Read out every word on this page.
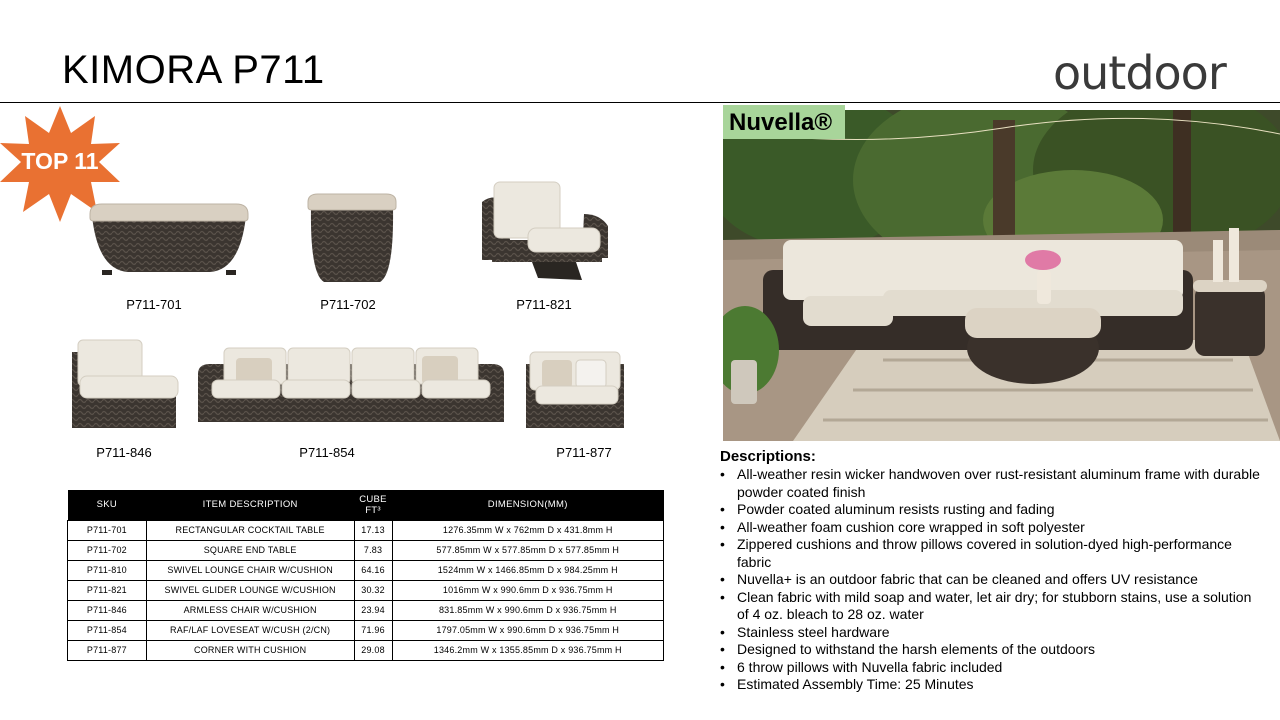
KIMORA P711	outdoor
TOP 11
P711-701	P711-702	P711-821
P711-846	P711-854	P711-877
SKU	ITEM DESCRIPTION	CUBE FT³	DIMENSION(MM)
P711-701	RECTANGULAR COCKTAIL TABLE	17.13	1276.35mm W x 762mm D x 431.8mm H
P711-702	SQUARE END TABLE	7.83	577.85mm W x 577.85mm D x 577.85mm H
P711-810	SWIVEL LOUNGE CHAIR W/CUSHION	64.16	1524mm W x 1466.85mm D x 984.25mm H
P711-821	SWIVEL GLIDER LOUNGE W/CUSHION	30.32	1016mm W x 990.6mm D x 936.75mm H
P711-846	ARMLESS CHAIR W/CUSHION	23.94	831.85mm W x 990.6mm D x 936.75mm H
P711-854	RAF/LAF LOVESEAT W/CUSH (2/CN)	71.96	1797.05mm W x 990.6mm D x 936.75mm H
P711-877	CORNER WITH CUSHION	29.08	1346.2mm W x 1355.85mm D x 936.75mm H
Nuvella®
Descriptions:
• All-weather resin wicker handwoven over rust-resistant aluminum frame with durable powder coated finish
• Powder coated aluminum resists rusting and fading
• All-weather foam cushion core wrapped in soft polyester
• Zippered cushions and throw pillows covered in solution-dyed high-performance fabric
• Nuvella+ is an outdoor fabric that can be cleaned and offers UV resistance
• Clean fabric with mild soap and water, let air dry; for stubborn stains, use a solution of 4 oz. bleach to 28 oz. water
• Stainless steel hardware
• Designed to withstand the harsh elements of the outdoors
• 6 throw pillows with Nuvella fabric included
• Estimated Assembly Time: 25 Minutes
